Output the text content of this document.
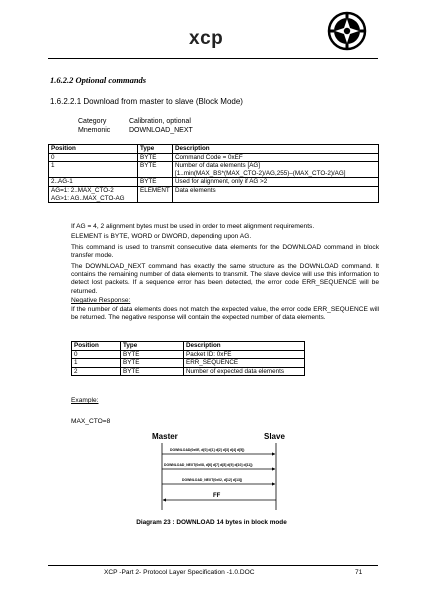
xcp
1.6.2.2 Optional commands
1.6.2.2.1 Download from master to slave (Block Mode)
Category	Calibration, optional
Mnemonic	DOWNLOAD_NEXT
Position	Type	Description
0	BYTE	Command Code = 0xEF
1	BYTE	Number of data elements [AG]
[1..min(MAX_BS*(MAX_CTO-2)/AG,255)–(MAX_CTO-2)/AG]
2..AG-1	BYTE	Used for alignment, only if AG >2
AG=1: 2..MAX_CTO-2
AG>1: AG..MAX_CTO-AG	ELEMENT	Data elements
If AG = 4, 2 alignment bytes must be used in order to meet alignment requirements.
ELEMENT is BYTE, WORD or DWORD, depending upon AG.
This command is used to transmit consecutive data elements for the DOWNLOAD command in block transfer mode.
The DOWNLOAD_NEXT command has exactly the same structure as the DOWNLOAD command. It contains the remaining number of data elements to transmit. The slave device will use this information to detect lost packets. If a sequence error has been detected, the error code ERR_SEQUENCE will be returned.
Negative Response:
If the number of data elements does not match the expected value, the error code ERR_SEQUENCE will be returned. The negative response will contain the expected number of data elements.
Position	Type	Description
0	BYTE	Packet ID: 0xFE
1	BYTE	ERR_SEQUENCE
2	BYTE	Number of expected data elements
Example:
MAX_CTO=8
Master	Slave
DOWNLOAD(0x0E, d[0] d[1] d[2] d[3] d[4] d[5])
DOWNLOAD_NEXT(0x08, d[6] d[7] d[8] d[9] d[10] d[11])
DOWNLOAD_NEXT(0x02, d[12] d[13])
FF
Diagram 23 : DOWNLOAD 14 bytes in block mode
XCP -Part 2- Protocol Layer Specification -1.0.DOC	71
